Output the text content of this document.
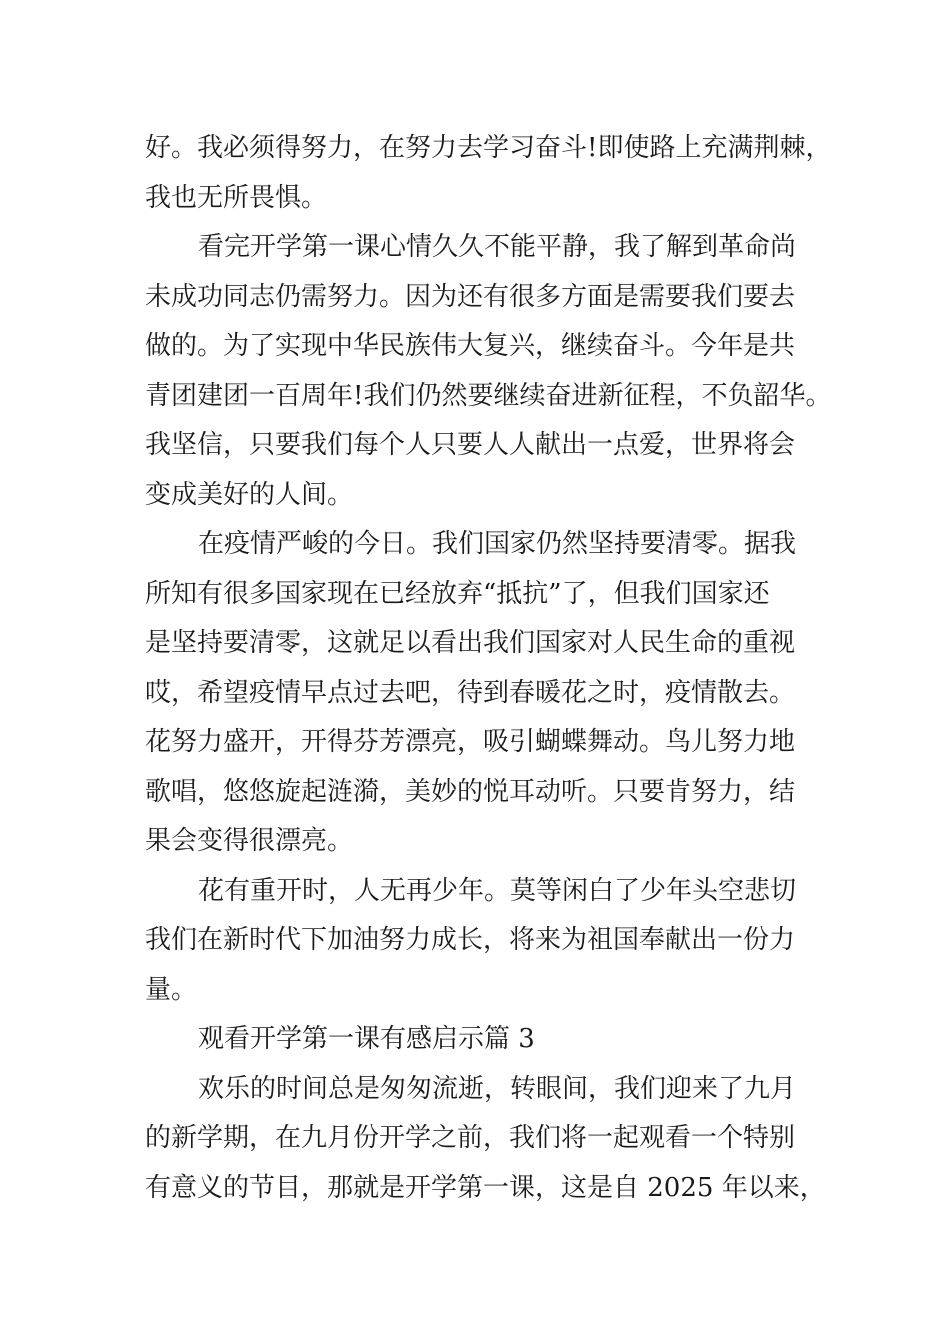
好。我必须得努力，在努力去学习奋斗!即使路上充满荆棘，
我也无所畏惧。
看完开学第一课心情久久不能平静，我了解到革命尚
未成功同志仍需努力。因为还有很多方面是需要我们要去
做的。为了实现中华民族伟大复兴，继续奋斗。今年是共
青团建团一百周年!我们仍然要继续奋进新征程，不负韶华。
我坚信，只要我们每个人只要人人献出一点爱，世界将会
变成美好的人间。
在疫情严峻的今日。我们国家仍然坚持要清零。据我
所知有很多国家现在已经放弃“抵抗”了，但我们国家还
是坚持要清零，这就足以看出我们国家对人民生命的重视
哎，希望疫情早点过去吧，待到春暖花之时，疫情散去。
花努力盛开，开得芬芳漂亮，吸引蝴蝶舞动。鸟儿努力地
歌唱，悠悠旋起涟漪，美妙的悦耳动听。只要肯努力，结
果会变得很漂亮。
花有重开时，人无再少年。莫等闲白了少年头空悲切
我们在新时代下加油努力成长，将来为祖国奉献出一份力
量。
观看开学第一课有感启示篇 3
欢乐的时间总是匆匆流逝，转眼间，我们迎来了九月
的新学期，在九月份开学之前，我们将一起观看一个特别
有意义的节目，那就是开学第一课，这是自 2025 年以来，
